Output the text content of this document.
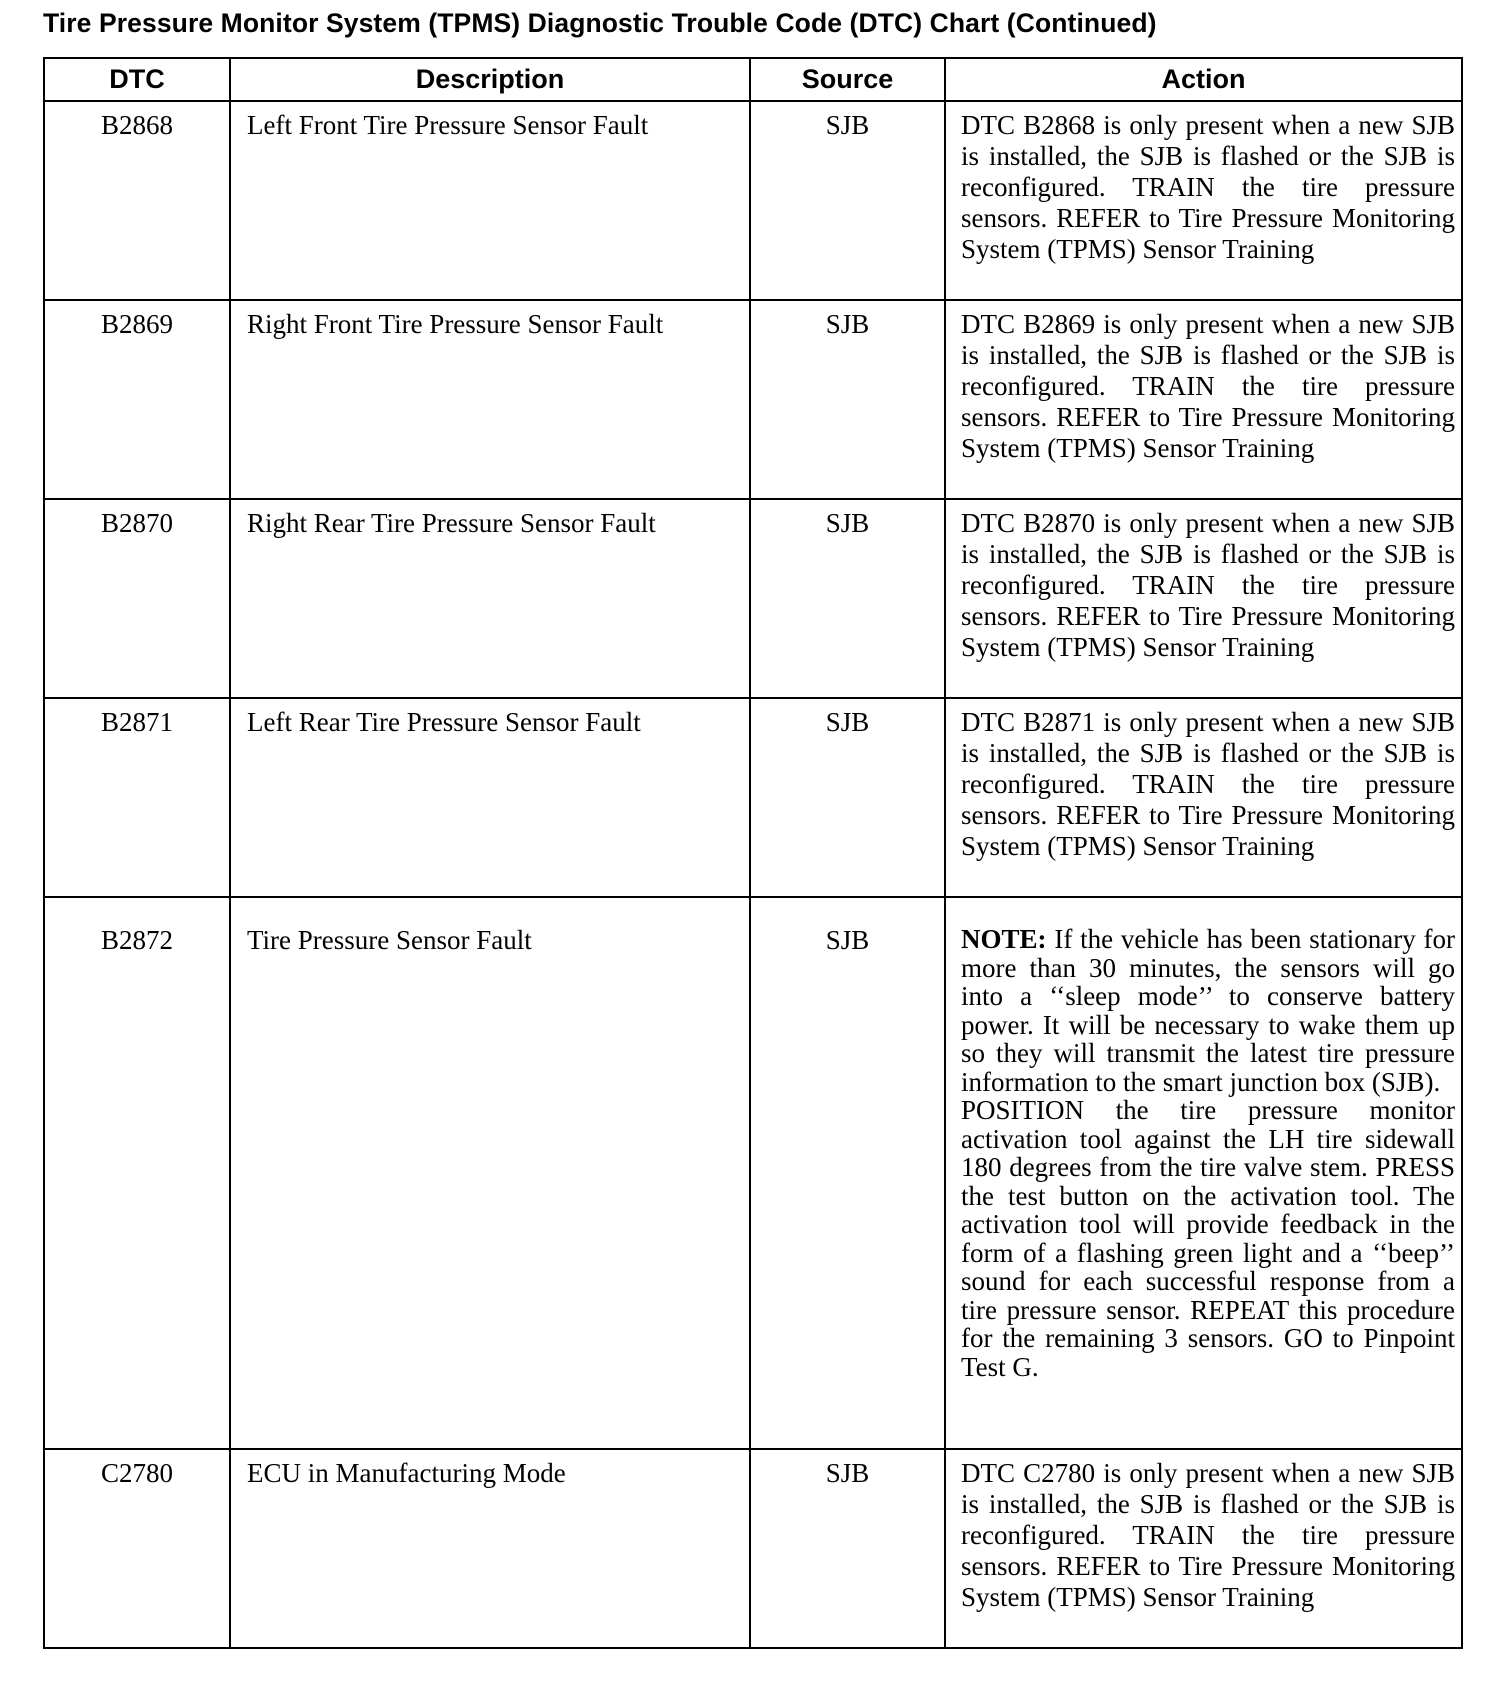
Tire Pressure Monitor System (TPMS) Diagnostic Trouble Code (DTC) Chart (Continued)
DTC	Description	Source	Action
B2868	Left Front Tire Pressure Sensor Fault	SJB	DTC B2868 is only present when a new SJB is installed, the SJB is flashed or the SJB is reconfigured. TRAIN the tire pressure sensors. REFER to Tire Pressure Monitoring System (TPMS) Sensor Training
B2869	Right Front Tire Pressure Sensor Fault	SJB	DTC B2869 is only present when a new SJB is installed, the SJB is flashed or the SJB is reconfigured. TRAIN the tire pressure sensors. REFER to Tire Pressure Monitoring System (TPMS) Sensor Training
B2870	Right Rear Tire Pressure Sensor Fault	SJB	DTC B2870 is only present when a new SJB is installed, the SJB is flashed or the SJB is reconfigured. TRAIN the tire pressure sensors. REFER to Tire Pressure Monitoring System (TPMS) Sensor Training
B2871	Left Rear Tire Pressure Sensor Fault	SJB	DTC B2871 is only present when a new SJB is installed, the SJB is flashed or the SJB is reconfigured. TRAIN the tire pressure sensors. REFER to Tire Pressure Monitoring System (TPMS) Sensor Training
B2872	Tire Pressure Sensor Fault	SJB	NOTE: If the vehicle has been stationary for more than 30 minutes, the sensors will go into a ‘‘sleep mode’’ to conserve battery power. It will be necessary to wake them up so they will transmit the latest tire pressure information to the smart junction box (SJB).
POSITION the tire pressure monitor activation tool against the LH tire sidewall 180 degrees from the tire valve stem. PRESS the test button on the activation tool. The activation tool will provide feedback in the form of a flashing green light and a ‘‘beep’’ sound for each successful response from a tire pressure sensor. REPEAT this procedure for the remaining 3 sensors. GO to Pinpoint Test G.

C2780	ECU in Manufacturing Mode	SJB	DTC C2780 is only present when a new SJB is installed, the SJB is flashed or the SJB is reconfigured. TRAIN the tire pressure sensors. REFER to Tire Pressure Monitoring System (TPMS) Sensor Training
